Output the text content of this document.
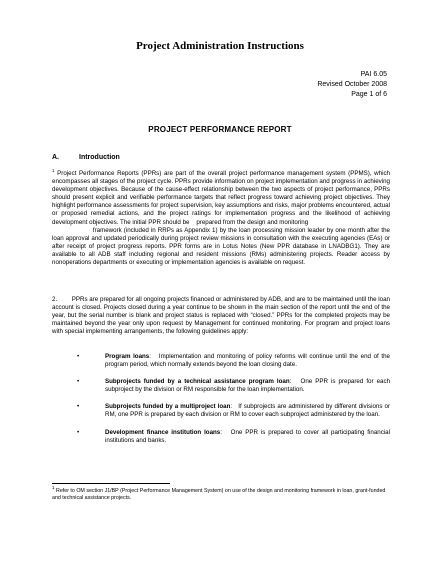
Project Administration Instructions
PAI 6.05
Revised October 2008
Page 1 of 6
PROJECT PERFORMANCE REPORT
A.	Introduction

$^1$ Project Performance Reports (PPRs) are part of the overall project performance management system (PPMS), which encompasses all stages of the project cycle. PPRs provide information on project implementation and progress in achieving development objectives. Because of the cause-effect relationship between the two aspects of project performance, PPRs should present explicit and verifiable performance targets that reflect progress toward achieving project objectives. They highlight performance assessments for project supervision, key assumptions and risks, major problems encountered, actual or proposed remedial actions, and the project ratings for implementation progress and the likelihood of achieving development objectives. The initial PPR should be prepared from the design and monitoring
framework (included in RRPs as Appendix 1) by the loan processing mission leader by one month after the loan approval and updated periodically during project review missions in consultation with the executing agencies (EAs) or after receipt of project progress reports. PPR forms are in Lotus Notes (New PPR database in LNADBG1). They are available to all ADB staff including regional and resident missions (RMs) administering projects. Reader access by nonoperations departments or executing or implementation agencies is available on request.

2. PPRs are prepared for all ongoing projects financed or administered by ADB, and are to be maintained until the loan account is closed. Projects closed during a year continue to be shown in the main section of the report until the end of the year, but the serial number is blank and project status is replaced with “closed.” PPRs for the completed projects may be maintained beyond the year only upon request by Management for continued monitoring. For program and project loans with special implementing arrangements, the following guidelines apply:

•	Program loans:   Implementation and monitoring of policy reforms will continue until the end of the program period, which normally extends beyond the loan closing date.
•	Subprojects funded by a technical assistance program loan:   One PPR is prepared for each subproject by the division or RM responsible for the loan implementation.
•	Subprojects funded by a multiproject loan:   If subprojects are administered by different divisions or RM, one PPR is prepared by each division or RM to cover each subproject administered by the loan.
•	Development finance institution loans:   One PPR is prepared to cover all participating financial institutions and banks.

$^1$ Refer to OM section J1/BP (Project Performance Management System) on use of the design and monitoring framework in loan, grant-funded and technical assistance projects.
